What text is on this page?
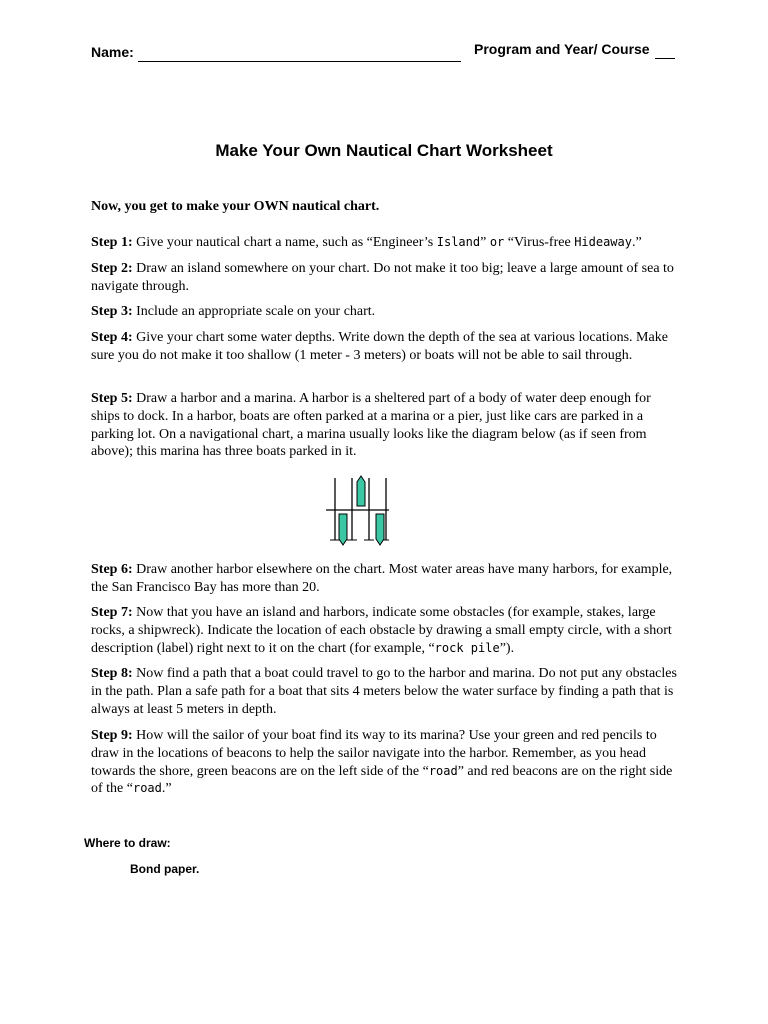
Name:	Program and Year/ Course
Make Your Own Nautical Chart Worksheet
Now, you get to make your OWN nautical chart.
Step 1: Give your nautical chart a name, such as “Engineer’s Island” or “Virus-free Hideaway.”
Step 2: Draw an island somewhere on your chart. Do not make it too big; leave a large amount of sea to navigate through.
Step 3: Include an appropriate scale on your chart.
Step 4: Give your chart some water depths. Write down the depth of the sea at various locations. Make sure you do not make it too shallow (1 meter - 3 meters) or boats will not be able to sail through.
Step 5: Draw a harbor and a marina. A harbor is a sheltered part of a body of water deep enough for ships to dock. In a harbor, boats are often parked at a marina or a pier, just like cars are parked in a parking lot. On a navigational chart, a marina usually looks like the diagram below (as if seen from above); this marina has three boats parked in it.
Step 6: Draw another harbor elsewhere on the chart. Most water areas have many harbors, for example, the San Francisco Bay has more than 20.
Step 7: Now that you have an island and harbors, indicate some obstacles (for example, stakes, large rocks, a shipwreck). Indicate the location of each obstacle by drawing a small empty circle, with a short description (label) right next to it on the chart (for example, “rock pile”).
Step 8: Now find a path that a boat could travel to go to the harbor and marina. Do not put any obstacles in the path. Plan a safe path for a boat that sits 4 meters below the water surface by finding a path that is always at least 5 meters in depth.
Step 9: How will the sailor of your boat find its way to its marina? Use your green and red pencils to draw in the locations of beacons to help the sailor navigate into the harbor. Remember, as you head towards the shore, green beacons are on the left side of the “road” and red beacons are on the right side of the “road.”
Where to draw:
Bond paper.
